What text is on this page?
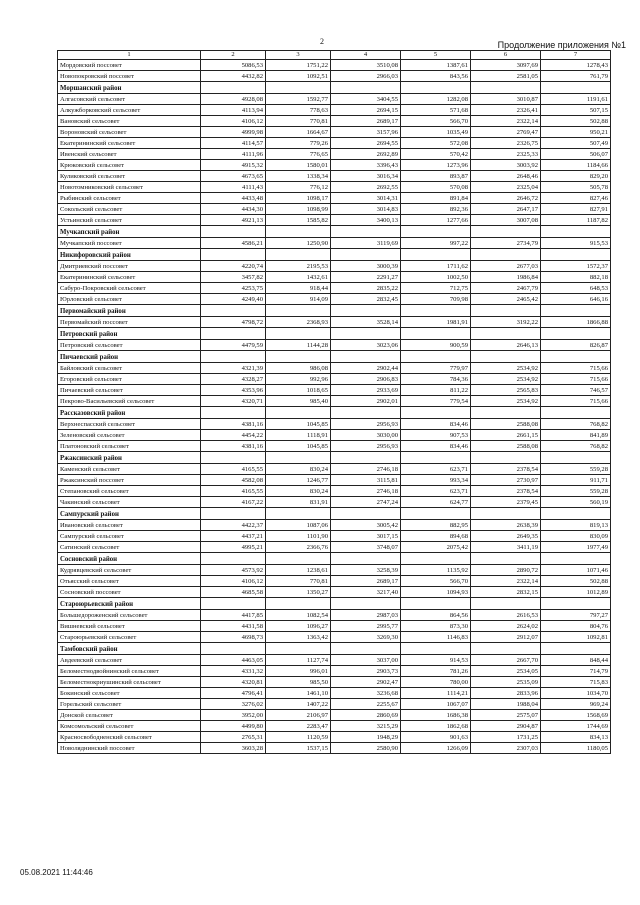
2	Продолжение приложения №1
1	2	3	4	5	6	7
Мордовский поссовет	5086,53	1751,22	3510,08	1387,61	3097,69	1278,43
Новопокровский поссовет	4432,82	1092,51	2966,03	843,56	2581,05	761,79
Моршанский район						
Алгасовский сельсовет	4928,08	1592,77	3404,55	1282,08	3010,87	1191,61
Алкужборковский сельсовет	4113,94	778,63	2694,15	571,68	2326,41	507,15
Вановский сельсовет	4106,12	770,81	2689,17	566,70	2322,14	502,88
Вороновский сельсовет	4999,98	1664,67	3157,96	1035,49	2769,47	950,21
Екатерининский сельсовет	4114,57	779,26	2694,55	572,08	2326,75	507,49
Ивенский сельсовет	4111,96	776,65	2692,89	570,42	2325,33	506,07
Крюковский сельсовет	4915,32	1580,01	3396,43	1273,96	3003,92	1184,66
Куликовский сельсовет	4673,65	1338,34	3016,34	893,87	2648,46	829,20
Новотомниковский сельсовет	4111,43	776,12	2692,55	570,08	2325,04	505,78
Рыбинский сельсовет	4433,48	1098,17	3014,31	891,84	2646,72	827,46
Сокольский сельсовет	4434,30	1098,99	3014,83	892,36	2647,17	827,91
Устьинский сельсовет	4921,13	1585,82	3400,13	1277,66	3007,08	1187,82
Мучкапский район						
Мучкапский поссовет	4586,21	1250,90	3119,69	997,22	2734,79	915,53
Никифоровский район						
Дмитриевский поссовет	4220,74	2195,53	3000,39	1711,62	2677,03	1572,37
Екатерининский сельсовет	3457,82	1432,61	2291,27	1002,50	1986,84	882,18
Сабуро-Покровский сельсовет	4253,75	918,44	2835,22	712,75	2467,79	648,53
Юрловский сельсовет	4249,40	914,09	2832,45	709,98	2465,42	646,16
Первомайский район						
Первомайский поссовет	4798,72	2368,93	3528,14	1981,91	3192,22	1866,88
Петровский район						
Петровский сельсовет	4479,59	1144,28	3023,06	900,59	2646,13	826,87
Пичаевский район						
Байловский сельсовет	4321,39	986,08	2902,44	779,97	2534,92	715,66
Егоровский сельсовет	4328,27	992,96	2906,83	784,36	2534,92	715,66
Пичаевский сельсовет	4353,96	1018,65	2933,69	811,22	2565,83	746,57
Пекрово-Васильевский сельсовет	4320,71	985,40	2902,01	779,54	2534,92	715,66
Рассказовский район						
Верхнеспасский сельсовет	4381,16	1045,85	2956,93	834,46	2588,08	768,82
Зеленовский сельсовет	4454,22	1118,91	3030,00	907,53	2661,15	841,89
Платоновский сельсовет	4381,16	1045,85	2956,93	834,46	2588,08	768,82
Ржаксинский район						
Каменский сельсовет	4165,55	830,24	2746,18	623,71	2378,54	559,28
Ржаксинский поссовет	4582,08	1246,77	3115,81	993,34	2730,97	911,71
Степановский сельсовет	4165,55	830,24	2746,18	623,71	2378,54	559,28
Чакинский сельсовет	4167,22	831,91	2747,24	624,77	2379,45	560,19
Сампурский район						
Ивановский сельсовет	4422,37	1087,06	3005,42	882,95	2638,39	819,13
Сампурский сельсовет	4437,21	1101,90	3017,15	894,68	2649,35	830,09
Сатинский сельсовет	4995,21	2366,76	3748,07	2075,42	3411,19	1977,49
Сосновский район						
Кудрявцевский сельсовет	4573,92	1238,61	3258,39	1135,92	2890,72	1071,46
Отьясский сельсовет	4106,12	770,81	2689,17	566,70	2322,14	502,88
Сосновский поссовет	4685,58	1350,27	3217,40	1094,93	2832,15	1012,89
Староюрьевский район						
Большедороженский сельсовет	4417,85	1082,54	2987,03	864,56	2616,53	797,27
Вишневский сельсовет	4431,58	1096,27	2995,77	873,30	2624,02	804,76
Староюрьевский сельсовет	4698,73	1363,42	3269,30	1146,83	2912,07	1092,81
Тамбовский район						
Авдеевский сельсовет	4463,05	1127,74	3037,00	914,53	2667,70	848,44
Беломестнодвойнинский сельсовет	4331,32	996,01	2903,73	781,26	2534,05	714,79
Беломестнокриушинский сельсовет	4320,81	985,50	2902,47	780,00	2535,09	715,83
Бокинский сельсовет	4796,41	1461,10	3236,68	1114,21	2833,96	1034,70
Горельский сельсовет	3276,02	1407,22	2255,67	1067,07	1988,04	969,24
Донской сельсовет	3952,00	2106,97	2860,69	1686,38	2575,07	1568,69
Комсомольский сельсовет	4499,80	2283,47	3215,29	1862,68	2904,87	1744,69
Красносвободненский сельсовет	2765,31	1120,59	1948,29	901,63	1731,25	834,13
Новоляднинский поссовет	3603,28	1537,15	2580,90	1266,09	2307,03	1180,05
05.08.2021 11:44:46
